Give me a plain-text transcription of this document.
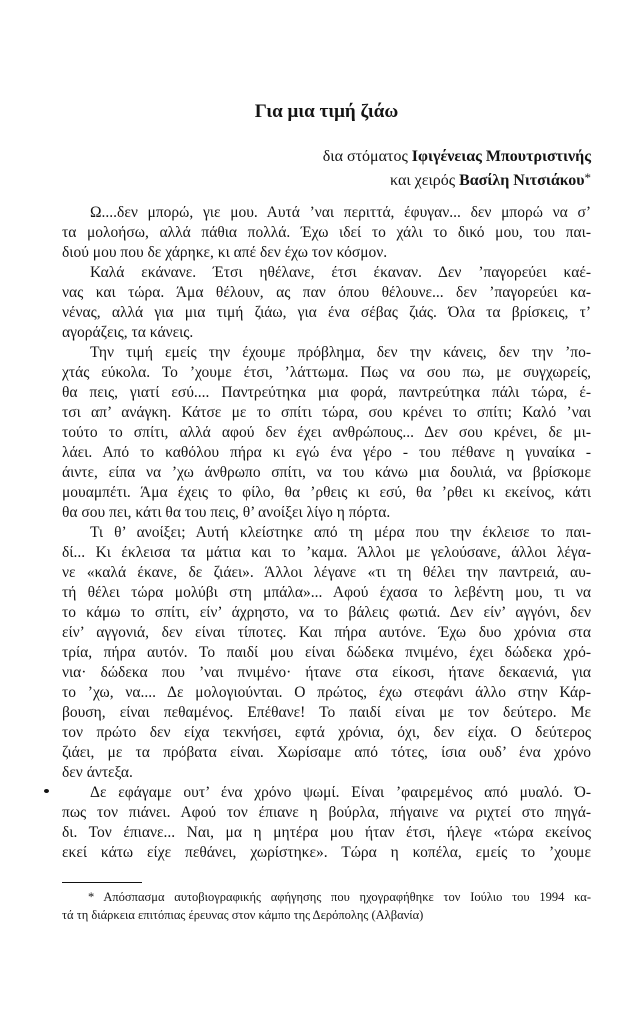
Για μια τιμή ζιάω
δια στόματος Ιφιγένειας Μπουτριστινής
και χειρός Βασίλη Νιτσιάκου*
Ω....δεν μπορώ, γιε μου. Αυτά ’ναι περιττά, έφυγαν... δεν μπορώ να σ’
τα μολοήσω, αλλά πάθια πολλά. Έχω ιδεί το χάλι το δικό μου, του παι-
διού μου που δε χάρηκε, κι απέ δεν έχω τον κόσμον.
Καλά εκάνανε. Έτσι ηθέλανε, έτσι έκαναν. Δεν ’παγορεύει καέ-
νας και τώρα. Άμα θέλουν, ας παν όπου θέλουνε... δεν ’παγορεύει κα-
νένας, αλλά για μια τιμή ζιάω, για ένα σέβας ζιάς. Όλα τα βρίσκεις, τ’
αγοράζεις, τα κάνεις.
Την τιμή εμείς την έχουμε πρόβλημα, δεν την κάνεις, δεν την ’πο-
χτάς εύκολα. Το ’χουμε έτσι, ’λάττωμα. Πως να σου πω, με συγχωρείς,
θα πεις, γιατί εσύ.... Παντρεύτηκα μια φορά, παντρεύτηκα πάλι τώρα, έ-
τσι απ’ ανάγκη. Κάτσε με το σπίτι τώρα, σου κρένει το σπίτι; Καλό ’ναι
τούτο το σπίτι, αλλά αφού δεν έχει ανθρώπους... Δεν σου κρένει, δε μι-
λάει. Από το καθόλου πήρα κι εγώ ένα γέρο - του πέθανε η γυναίκα -
άιντε, είπα να ’χω άνθρωπο σπίτι, να του κάνω μια δουλιά, να βρίσκομε
μουαμπέτι. Άμα έχεις το φίλο, θα ’ρθεις κι εσύ, θα ’ρθει κι εκείνος, κάτι
θα σου πει, κάτι θα του πεις, θ’ ανοίξει λίγο η πόρτα.
Τι θ’ ανοίξει; Αυτή κλείστηκε από τη μέρα που την έκλεισε το παι-
δί... Κι έκλεισα τα μάτια και το ’καμα. Άλλοι με γελούσανε, άλλοι λέγα-
νε «καλά έκανε, δε ζιάει». Άλλοι λέγανε «τι τη θέλει την παντρειά, αυ-
τή θέλει τώρα μολύβι στη μπάλα»... Αφού έχασα το λεβέντη μου, τι να
το κάμω το σπίτι, είν’ άχρηστο, να το βάλεις φωτιά. Δεν είν’ αγγόνι, δεν
είν’ αγγονιά, δεν είναι τίποτες. Και πήρα αυτόνε. Έχω δυο χρόνια στα
τρία, πήρα αυτόν. Το παιδί μου είναι δώδεκα πνιμένο, έχει δώδεκα χρό-
νια· δώδεκα που ’ναι πνιμένο· ήτανε στα είκοσι, ήτανε δεκαενιά, για
το ’χω, να.... Δε μολογιούνται. Ο πρώτος, έχω στεφάνι άλλο στην Κάρ-
βουση, είναι πεθαμένος. Επέθανε! Το παιδί είναι με τον δεύτερο. Με
τον πρώτο δεν είχα τεκνήσει, εφτά χρόνια, όχι, δεν είχα. Ο δεύτερος
ζιάει, με τα πρόβατα είναι. Χωρίσαμε από τότες, ίσια ουδ’ ένα χρόνο
δεν άντεξα.
Δε εφάγαμε ουτ’ ένα χρόνο ψωμί. Είναι ’φαιρεμένος από μυαλό. Ό-
πως τον πιάνει. Αφού τον έπιανε η βούρλα, πήγαινε να ριχτεί στο πηγά-
δι. Τον έπιανε... Ναι, μα η μητέρα μου ήταν έτσι, ήλεγε «τώρα εκείνος
εκεί κάτω είχε πεθάνει, χωρίστηκε». Τώρα η κοπέλα, εμείς το ’χουμε
* Απόσπασμα αυτοβιογραφικής αφήγησης που ηχογραφήθηκε τον Ιούλιο του 1994 κα-
τά τη διάρκεια επιτόπιας έρευνας στον κάμπο της Δερόπολης (Αλβανία)
